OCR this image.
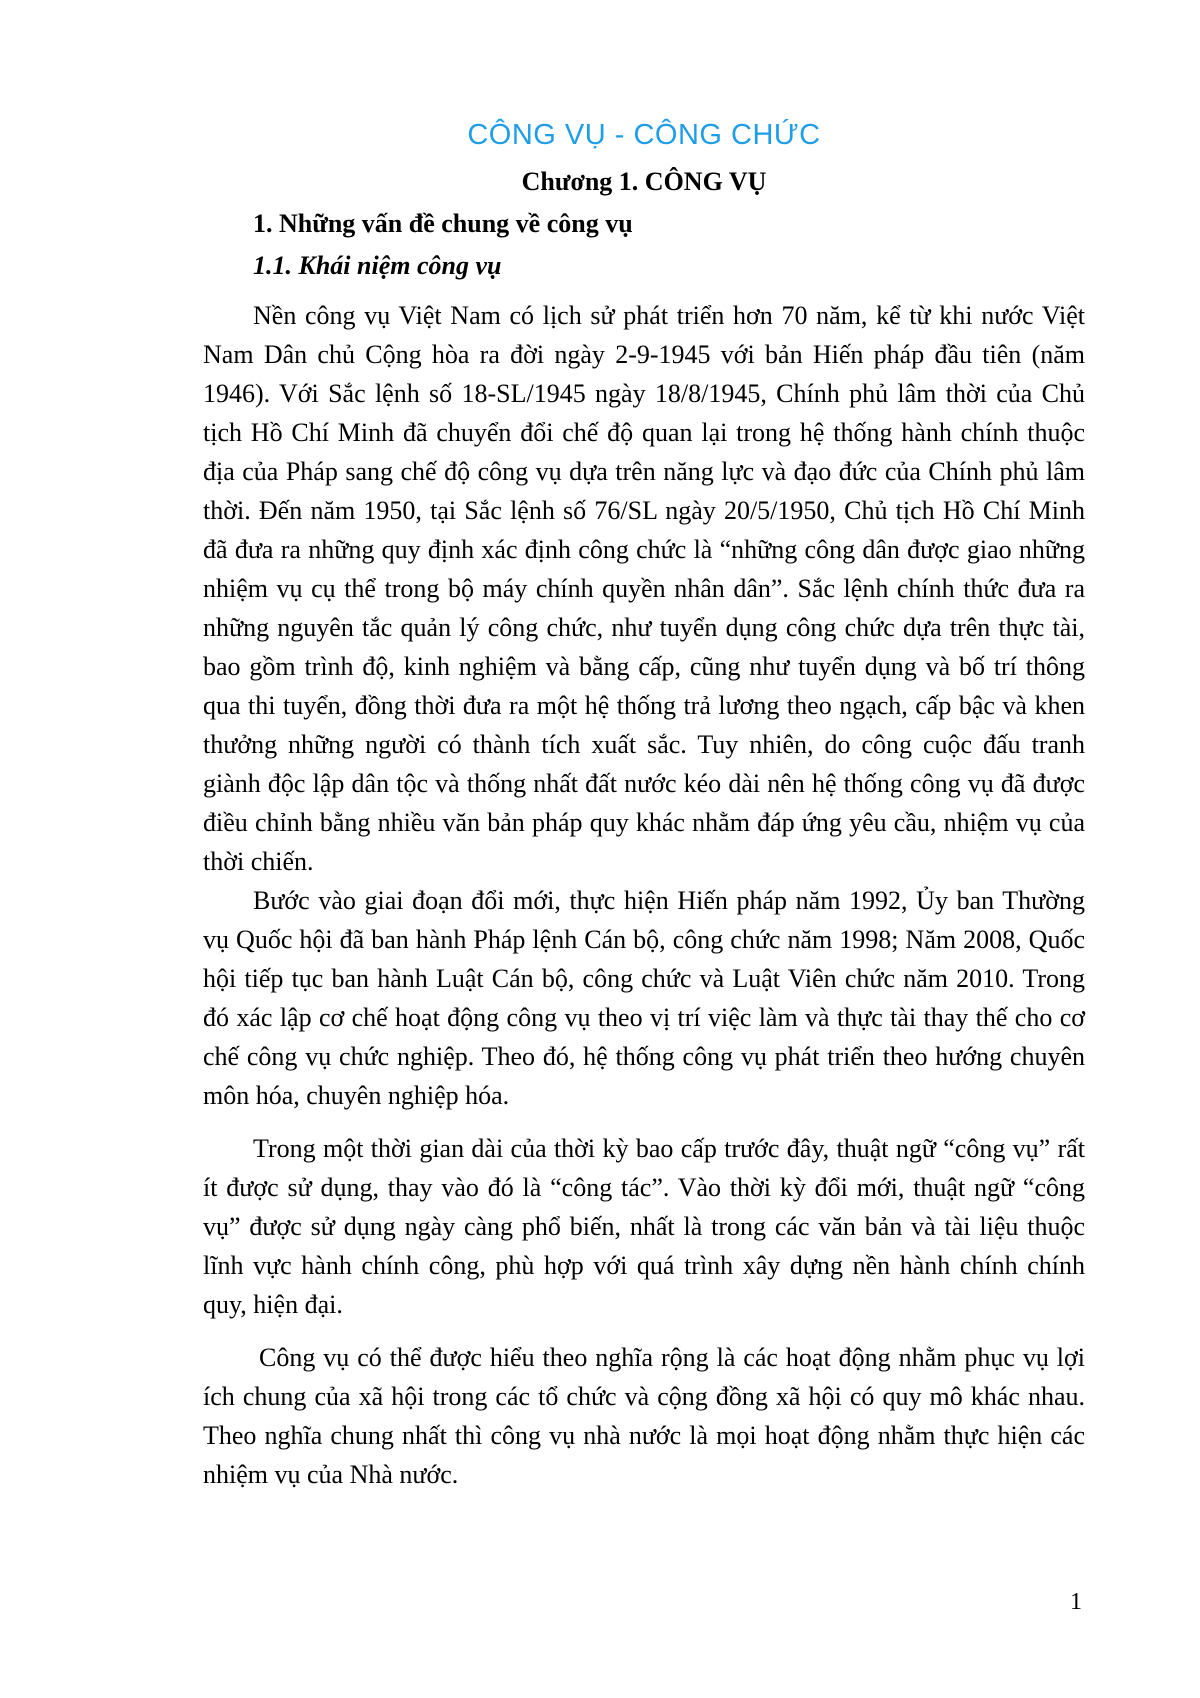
CÔNG VỤ - CÔNG CHỨC
Chương 1. CÔNG VỤ
1. Những vấn đề chung về công vụ
1.1. Khái niệm công vụ

Nền công vụ Việt Nam có lịch sử phát triển hơn 70 năm, kể từ khi nước Việt Nam Dân chủ Cộng hòa ra đời ngày 2-9-1945 với bản Hiến pháp đầu tiên (năm 1946). Với Sắc lệnh số 18-SL/1945 ngày 18/8/1945, Chính phủ lâm thời của Chủ tịch Hồ Chí Minh đã chuyển đổi chế độ quan lại trong hệ thống hành chính thuộc địa của Pháp sang chế độ công vụ dựa trên năng lực và đạo đức của Chính phủ lâm thời. Đến năm 1950, tại Sắc lệnh số 76/SL ngày 20/5/1950, Chủ tịch Hồ Chí Minh đã đưa ra những quy định xác định công chức là “những công dân được giao những nhiệm vụ cụ thể trong bộ máy chính quyền nhân dân”. Sắc lệnh chính thức đưa ra những nguyên tắc quản lý công chức, như tuyển dụng công chức dựa trên thực tài, bao gồm trình độ, kinh nghiệm và bằng cấp, cũng như tuyển dụng và bố trí thông qua thi tuyển, đồng thời đưa ra một hệ thống trả lương theo ngạch, cấp bậc và khen thưởng những người có thành tích xuất sắc. Tuy nhiên, do công cuộc đấu tranh giành độc lập dân tộc và thống nhất đất nước kéo dài nên hệ thống công vụ đã được điều chỉnh bằng nhiều văn bản pháp quy khác nhằm đáp ứng yêu cầu, nhiệm vụ của thời chiến.

Bước vào giai đoạn đổi mới, thực hiện Hiến pháp năm 1992, Ủy ban Thường vụ Quốc hội đã ban hành Pháp lệnh Cán bộ, công chức năm 1998; Năm 2008, Quốc hội tiếp tục ban hành Luật Cán bộ, công chức và Luật Viên chức năm 2010. Trong đó xác lập cơ chế hoạt động công vụ theo vị trí việc làm và thực tài thay thế cho cơ chế công vụ chức nghiệp. Theo đó, hệ thống công vụ phát triển theo hướng chuyên môn hóa, chuyên nghiệp hóa.

Trong một thời gian dài của thời kỳ bao cấp trước đây, thuật ngữ “công vụ” rất ít được sử dụng, thay vào đó là “công tác”. Vào thời kỳ đổi mới, thuật ngữ “công vụ” được sử dụng ngày càng phổ biến, nhất là trong các văn bản và tài liệu thuộc lĩnh vực hành chính công, phù hợp với quá trình xây dựng nền hành chính chính quy, hiện đại.

Công vụ có thể được hiểu theo nghĩa rộng là các hoạt động nhằm phục vụ lợi ích chung của xã hội trong các tổ chức và cộng đồng xã hội có quy mô khác nhau. Theo nghĩa chung nhất thì công vụ nhà nước là mọi hoạt động nhằm thực hiện các nhiệm vụ của Nhà nước.

1
